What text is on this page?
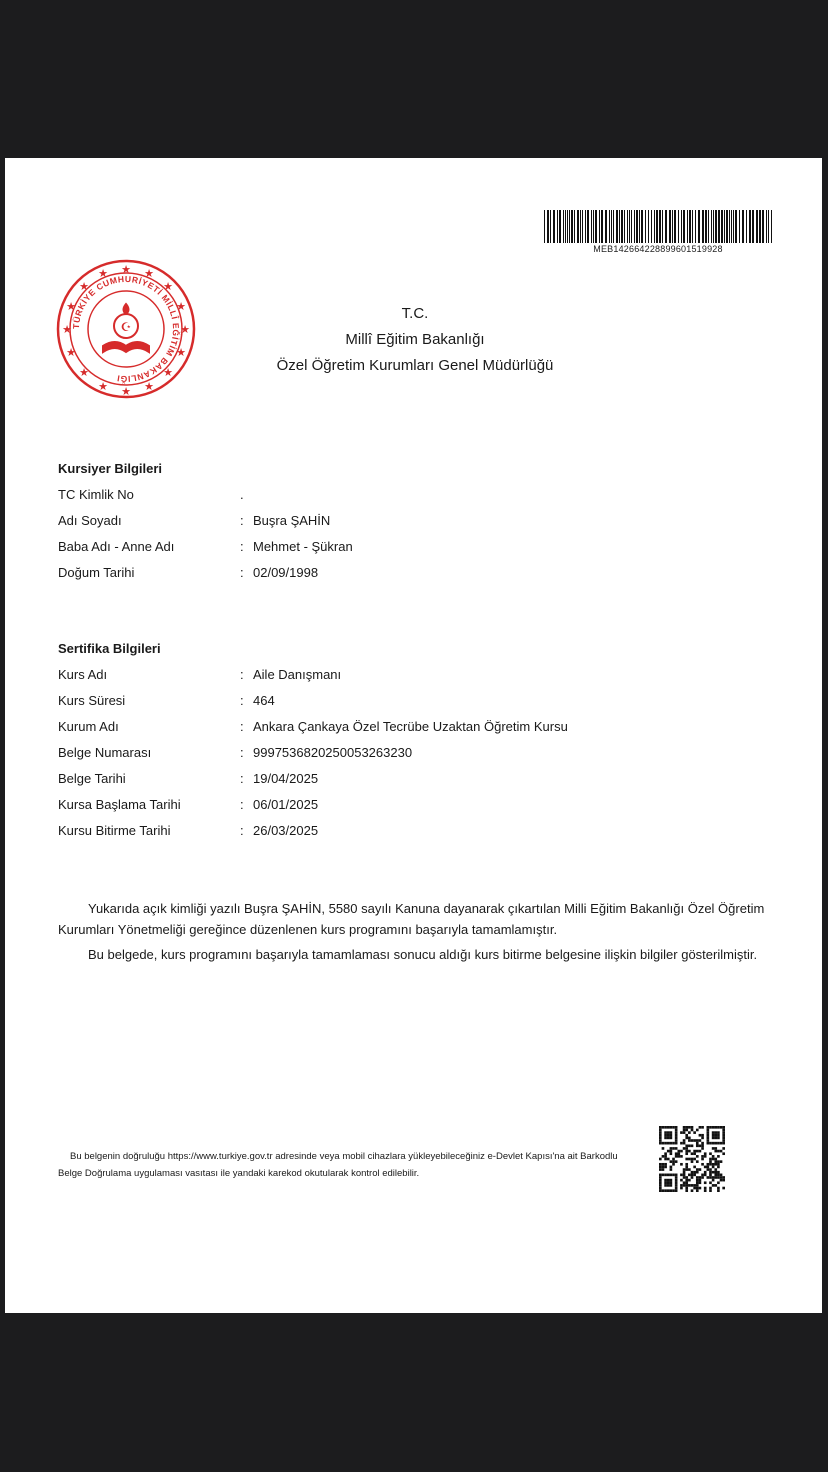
MEB142664228899601519928
TÜRKİYE CUMHURİYETİ MİLLÎ EĞİTİM BAKANLIĞI
★ ★
★
★
★
★
★
★
★
★
★
★
★
★
★
★
☪
T.C.
Millî Eğitim Bakanlığı
Özel Öğretim Kurumları Genel Müdürlüğü
Kursiyer Bilgileri
TC Kimlik No	.
Adı Soyadı	: Buşra ŞAHİN
Baba Adı - Anne Adı	: Mehmet - Şükran
Doğum Tarihi	: 02/09/1998
Sertifika Bilgileri
Kurs Adı	: Aile Danışmanı
Kurs Süresi	: 464
Kurum Adı	: Ankara Çankaya Özel Tecrübe Uzaktan Öğretim Kursu
Belge Numarası	: 99975368202500532632​30
Belge Tarihi	: 19/04/2025
Kursa Başlama Tarihi	: 06/01/2025
Kursu Bitirme Tarihi	: 26/03/2025

Yukarıda açık kimliği yazılı Buşra ŞAHİN, 5580 sayılı Kanuna dayanarak çıkartılan Milli Eğitim Bakanlığı Özel Öğretim Kurumları Yönetmeliği gereğince düzenlenen kurs programını başarıyla tamamlamıştır.

Bu belgede, kurs programını başarıyla tamamlaması sonucu aldığı kurs bitirme belgesine ilişkin bilgiler gösterilmiştir.

Bu belgenin doğruluğu https://www.turkiye.gov.tr adresinde veya mobil cihazlara yükleyebileceğiniz e-Devlet Kapısı'na ait Barkodlu Belge Doğrulama uygulaması vasıtası ile yandaki karekod okutularak kontrol edilebilir.
